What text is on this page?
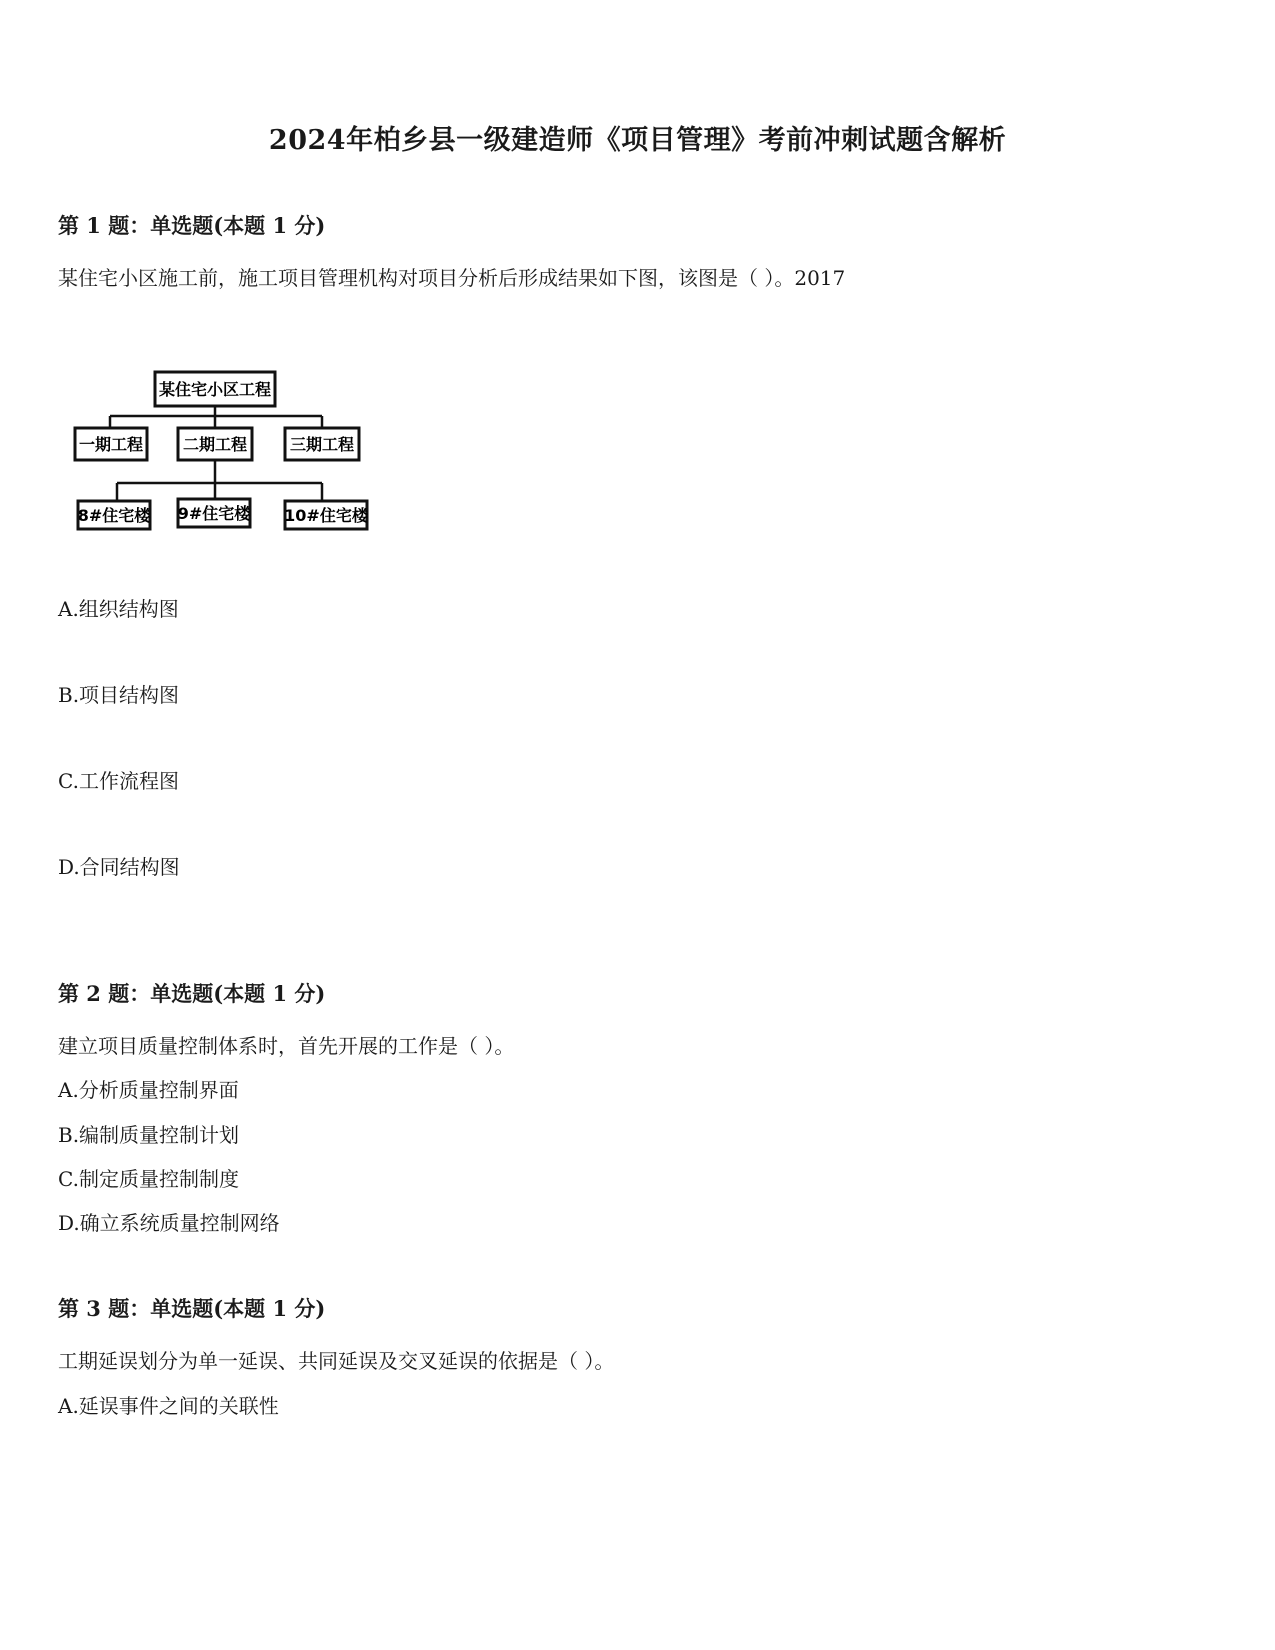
2024年柏乡县一级建造师《项目管理》考前冲刺试题含解析
第 1 题：单选题(本题 1 分)
某住宅小区施工前，施工项目管理机构对项目分析后形成结果如下图，该图是（ ）。2017
某住宅小区工程
一期工程 二期工程	三期工程
8#住宅楼 9#住宅楼 10#住宅楼
A.组织结构图
B.项目结构图
C.工作流程图
D.合同结构图
第 2 题：单选题(本题 1 分)
建立项目质量控制体系时，首先开展的工作是（ ）。
A.分析质量控制界面
B.编制质量控制计划
C.制定质量控制制度
D.确立系统质量控制网络
第 3 题：单选题(本题 1 分)
工期延误划分为单一延误、共同延误及交叉延误的依据是（ ）。
A.延误事件之间的关联性
